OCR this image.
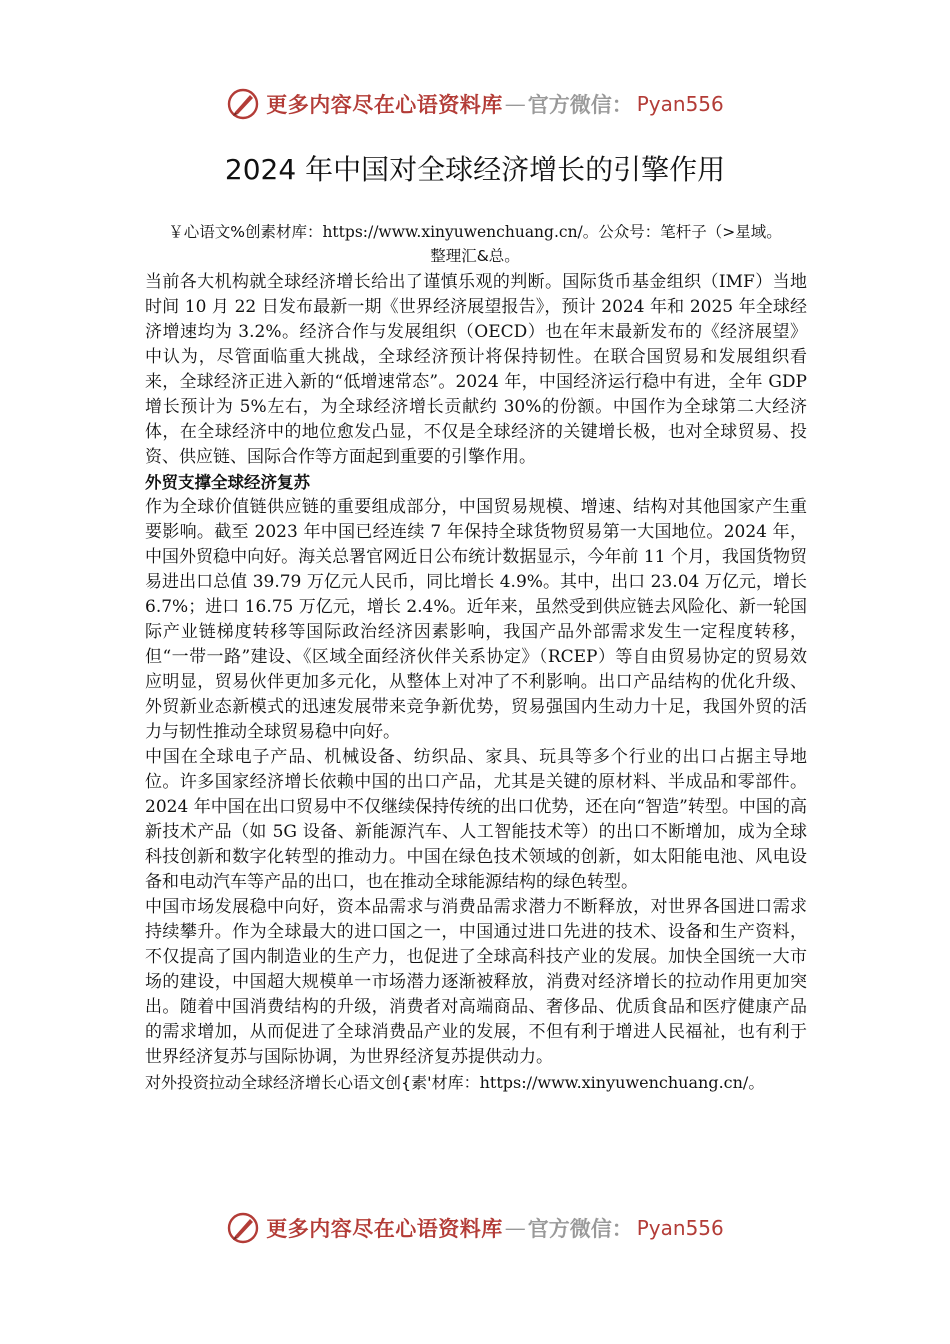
更多内容尽在心语资料库 — 官方微信： Pyan556
2024 年中国对全球经济增长的引擎作用
￥心语文%创素材库：https://www.xinyuwenchuang.cn/。公众号：笔杆子（>星域。
整理汇&总。

当前各大机构就全球经济增长给出了谨慎乐观的判断。国际货币基金组织（IMF）当地时间 10 月 22 日发布最新一期《世界经济展望报告》，预计 2024 年和 2025 年全球经济增速均为 3.2%。经济合作与发展组织（OECD）也在年末最新发布的《经济展望》中认为，尽管面临重大挑战，全球经济预计将保持韧性。在联合国贸易和发展组织看来，全球经济正进入新的“低增速常态”。2024 年，中国经济运行稳中有进，全年 GDP 增长预计为 5%左右，为全球经济增长贡献约 30%的份额。中国作为全球第二大经济体，在全球经济中的地位愈发凸显，不仅是全球经济的关键增长极，也对全球贸易、投资、供应链、国际合作等方面起到重要的引擎作用。

外贸支撑全球经济复苏

作为全球价值链供应链的重要组成部分，中国贸易规模、增速、结构对其他国家产生重要影响。截至 2023 年中国已经连续 7 年保持全球货物贸易第一大国地位。2024 年，中国外贸稳中向好。海关总署官网近日公布统计数据显示，今年前 11 个月，我国货物贸易进出口总值 39.79 万亿元人民币，同比增长 4.9%。其中，出口 23.04 万亿元，增长 6.7%；进口 16.75 万亿元，增长 2.4%。近年来，虽然受到供应链去风险化、新一轮国际产业链梯度转移等国际政治经济因素影响，我国产品外部需求发生一定程度转移，但“一带一路”建设、《区域全面经济伙伴关系协定》（RCEP）等自由贸易协定的贸易效应明显，贸易伙伴更加多元化，从整体上对冲了不利影响。出口产品结构的优化升级、外贸新业态新模式的迅速发展带来竞争新优势，贸易强国内生动力十足，我国外贸的活力与韧性推动全球贸易稳中向好。

中国在全球电子产品、机械设备、纺织品、家具、玩具等多个行业的出口占据主导地位。许多国家经济增长依赖中国的出口产品，尤其是关键的原材料、半成品和零部件。2024 年中国在出口贸易中不仅继续保持传统的出口优势，还在向“智造”转型。中国的高新技术产品（如 5G 设备、新能源汽车、人工智能技术等）的出口不断增加，成为全球科技创新和数字化转型的推动力。中国在绿色技术领域的创新，如太阳能电池、风电设备和电动汽车等产品的出口，也在推动全球能源结构的绿色转型。

中国市场发展稳中向好，资本品需求与消费品需求潜力不断释放，对世界各国进口需求持续攀升。作为全球最大的进口国之一，中国通过进口先进的技术、设备和生产资料，不仅提高了国内制造业的生产力，也促进了全球高科技产业的发展。加快全国统一大市场的建设，中国超大规模单一市场潜力逐渐被释放，消费对经济增长的拉动作用更加突出。随着中国消费结构的升级，消费者对高端商品、奢侈品、优质食品和医疗健康产品的需求增加，从而促进了全球消费品产业的发展，不但有利于增进人民福祉，也有利于世界经济复苏与国际协调，为世界经济复苏提供动力。

对外投资拉动全球经济增长心语文创{素'材库：https://www.xinyuwenchuang.cn/。

更多内容尽在心语资料库 — 官方微信： Pyan556
